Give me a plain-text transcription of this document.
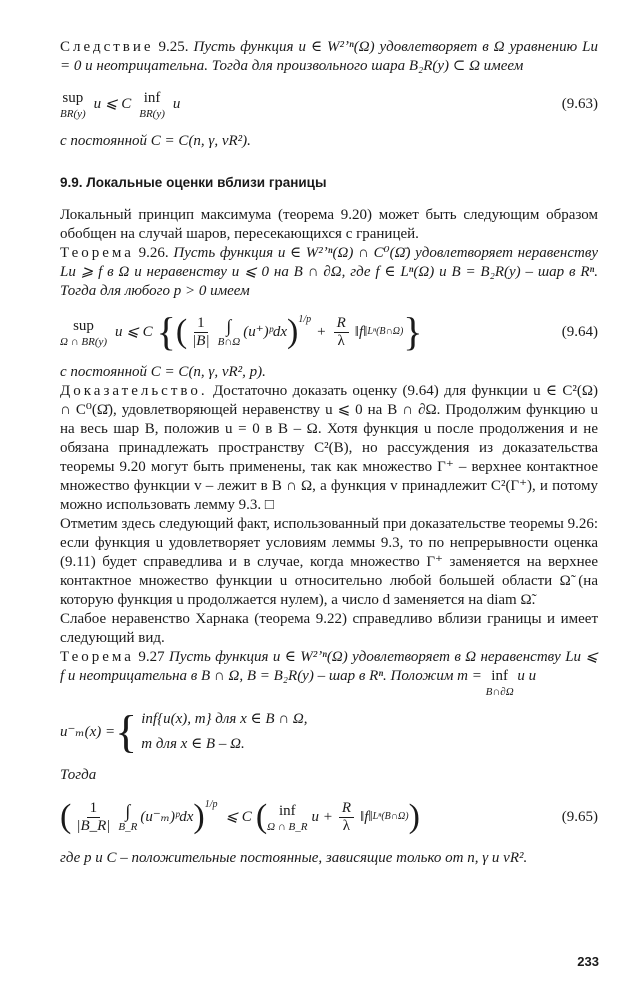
Следствие 9.25. Пусть функция u ∈ W²ʼⁿ(Ω) удовлетворяет в Ω уравнению Lu = 0 и неотрицательна. Тогда для произвольного шара B₂R(y) ⊂ Ω имеем

sup
BR(y)
u ⩽ C inf
BR(y)
u	(9.63)

с постоянной C = C(n, γ, νR²).

9.9. Локальные оценки вблизи границы

Локальный принцип максимума (теорема 9.20) может быть следующим образом обобщен на случай шаров, пересекающихся с границей.

Теорема 9.26. Пусть функция u ∈ W²ʼⁿ(Ω) ∩ C⁰(Ω̄) удовлетворяет неравенству Lu ⩾ f в Ω и неравенству u ⩽ 0 на B ∩ ∂Ω, где f ∈ Lⁿ(Ω) и B = B₂R(y) – шар в Rⁿ. Тогда для любого p > 0 имеем

sup
Ω ∩ BR(y)
u ⩽ C { ( $\frac{1}{|B|}$ ∫
B∩Ω
(u⁺)ᵖdx )$^{1/p}$
+ $\frac{R}{\lambda}$ ‖f‖ Lⁿ(B∩Ω) }	(9.64)

с постоянной C = C(n, γ, νR², p).

Доказательство. Достаточно доказать оценку (9.64) для функции u ∈ C²(Ω) ∩ C⁰(Ω̄), удовлетворяющей неравенству u ⩽ 0 на B ∩ ∂Ω. Продолжим функцию u на весь шар B, положив u = 0 в B – Ω. Хотя функция u после продолжения и не обязана принадлежать пространству C²(B), но рассуждения из доказательства теоремы 9.20 могут быть применены, так как множество Γ⁺ – верхнее контактное множество функции v – лежит в B ∩ Ω, а функция v принадлежит C²(Γ⁺), и потому можно использовать лемму 9.3. □

Отметим здесь следующий факт, использованный при доказательстве теоремы 9.26: если функция u удовлетворяет условиям леммы 9.3, то по непрерывности оценка (9.11) будет справедлива и в случае, когда множество Γ⁺ заменяется на верхнее контактное множество функции u относительно любой большей области Ω̃ (на которую функция u продолжается нулем), а число d заменяется на diam Ω̃.

Слабое неравенство Харнака (теорема 9.22) справедливо вблизи границы и имеет следующий вид.

Теорема 9.27 Пусть функция u ∈ W²ʼⁿ(Ω) удовлетворяет в Ω неравенству Lu ⩽ f и неотрицательна в B ∩ Ω, B = B₂R(y) – шар в Rⁿ. Положим m = inf
B∩∂Ω
u и

u⁻ₘ(x) = { inf{u(x), m} для x ∈ B ∩ Ω,
m для x ∈ B – Ω.

Тогда

( $\frac{1}{|B\_R|}$ ∫
B_R
(u⁻ₘ)ᵖdx )$^{1/p}$
⩽ C ( inf
Ω ∩ B_R
$u + \frac{R}{\lambda}$ ‖f‖ Lⁿ(B∩Ω) )	(9.65)

где p и C – положительные постоянные, зависящие только от n, γ и νR².

233
